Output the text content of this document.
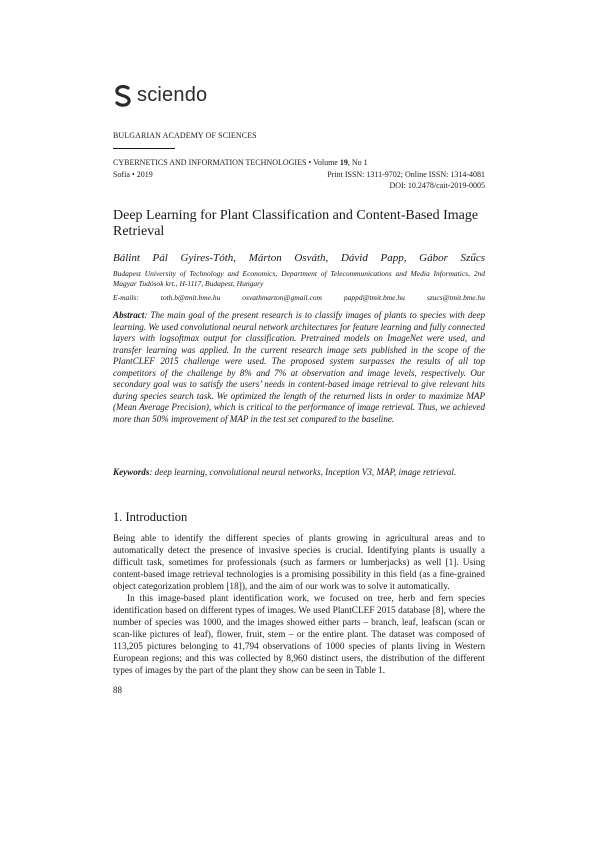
sciendo
BULGARIAN ACADEMY OF SCIENCES
CYBERNETICS AND INFORMATION TECHNOLOGIES • Volume 19, No 1
Sofia • 2019	Print ISSN: 1311-9702; Online ISSN: 1314-4081
DOI: 10.2478/cait-2019-0005
Deep Learning for Plant Classification and Content-Based Image Retrieval
Bálint Pál Gyires-Tóth, Márton Osváth, Dávid Papp, Gábor Szűcs
Budapest University of Technology and Economics, Department of Telecommunications and Media Informatics, 2nd Magyar Tudósok krt., H-1117, Budapest, Hungary
E-mails:	toth.b@tmit.bme.hu	osvathmarton@gmail.com	pappd@tmit.bme.hu	szucs@tmit.bme.hu
Abstract: The main goal of the present research is to classify images of plants to species with deep learning. We used convolutional neural network architectures for feature learning and fully connected layers with logsoftmax output for classification. Pretrained models on ImageNet were used, and transfer learning was applied. In the current research image sets published in the scope of the PlantCLEF 2015 challenge were used. The proposed system surpasses the results of all top competitors of the challenge by 8% and 7% at observation and image levels, respectively. Our secondary goal was to satisfy the users’ needs in content-based image retrieval to give relevant hits during species search task. We optimized the length of the returned lists in order to maximize MAP (Mean Average Precision), which is critical to the performance of image retrieval. Thus, we achieved more than 50% improvement of MAP in the test set compared to the baseline.
Keywords: deep learning, convolutional neural networks, Inception V3, MAP, image retrieval.
1. Introduction

Being able to identify the different species of plants growing in agricultural areas and to automatically detect the presence of invasive species is crucial. Identifying plants is usually a difficult task, sometimes for professionals (such as farmers or lumberjacks) as well [1]. Using content-based image retrieval technologies is a promising possibility in this field (as a fine-grained object categorization problem [18]), and the aim of our work was to solve it automatically.

In this image-based plant identification work, we focused on tree, herb and fern species identification based on different types of images. We used PlantCLEF 2015 database [8], where the number of species was 1000, and the images showed either parts – branch, leaf, leafscan (scan or scan-like pictures of leaf), flower, fruit, stem – or the entire plant. The dataset was composed of 113,205 pictures belonging to 41,794 observations of 1000 species of plants living in Western European regions; and this was collected by 8,960 distinct users, the distribution of the different types of images by the part of the plant they show can be seen in Table 1.

88
